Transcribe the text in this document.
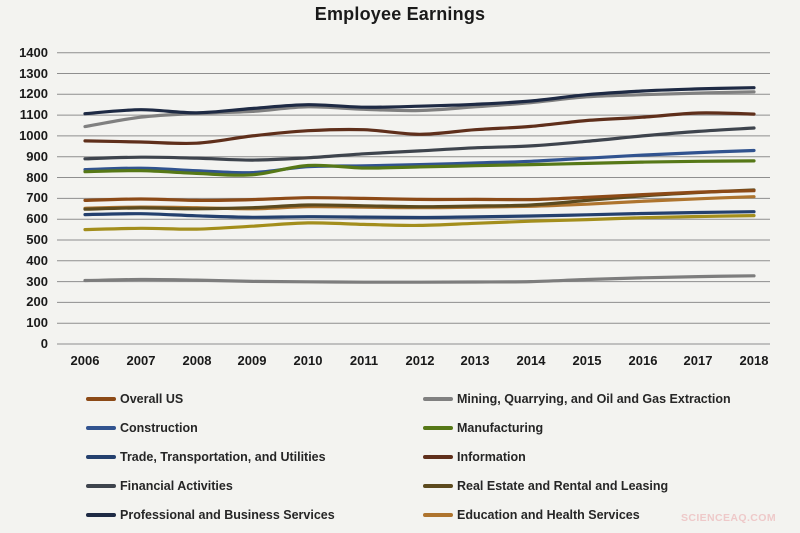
Employee Earnings
0
100
200
300
400
500
600
700
800
900
1000
1100
1200
1300
1400
2006	2007	2008	2009	2010	2011	2012	2013	2014	2015	2016	2017	2018
Overall US	Mining, Quarrying, and Oil and Gas Extraction
Construction	Manufacturing
Trade, Transportation, and Utilities	Information
Financial Activities	Real Estate and Rental and Leasing
Professional and Business Services	Education and Health Services	SCIENCEAQ.COM
